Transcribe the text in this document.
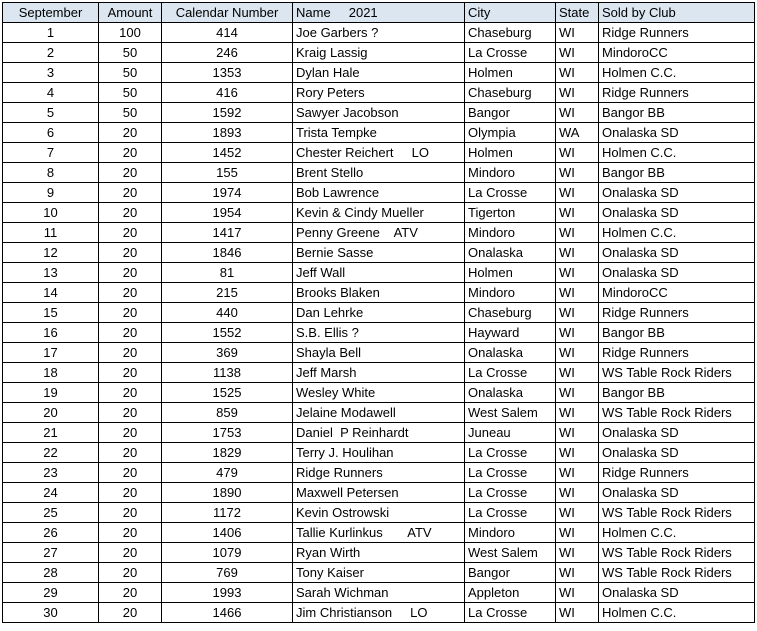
September	Amount	Calendar Number	Name     2021	City	State	Sold by Club
1	100	414	Joe Garbers ?	Chaseburg	WI	Ridge Runners
2	50	246	Kraig Lassig	La Crosse	WI	MindoroCC
3	50	1353	Dylan Hale	Holmen	WI	Holmen C.C.
4	50	416	Rory Peters	Chaseburg	WI	Ridge Runners
5	50	1592	Sawyer Jacobson	Bangor	WI	Bangor BB
6	20	1893	Trista Tempke	Olympia	WA	Onalaska SD
7	20	1452	Chester Reichert     LO	Holmen	WI	Holmen C.C.
8	20	155	Brent Stello	Mindoro	WI	Bangor BB
9	20	1974	Bob Lawrence	La Crosse	WI	Onalaska SD
10	20	1954	Kevin & Cindy Mueller	Tigerton	WI	Onalaska SD
11	20	1417	Penny Greene    ATV	Mindoro	WI	Holmen C.C.
12	20	1846	Bernie Sasse	Onalaska	WI	Onalaska SD
13	20	81	Jeff Wall	Holmen	WI	Onalaska SD
14	20	215	Brooks Blaken	Mindoro	WI	MindoroCC
15	20	440	Dan Lehrke	Chaseburg	WI	Ridge Runners
16	20	1552	S.B. Ellis ?	Hayward	WI	Bangor BB
17	20	369	Shayla Bell	Onalaska	WI	Ridge Runners
18	20	1138	Jeff Marsh	La Crosse	WI	WS Table Rock Riders
19	20	1525	Wesley White	Onalaska	WI	Bangor BB
20	20	859	Jelaine Modawell	West Salem	WI	WS Table Rock Riders
21	20	1753	Daniel  P Reinhardt	Juneau	WI	Onalaska SD
22	20	1829	Terry J. Houlihan	La Crosse	WI	Onalaska SD
23	20	479	Ridge Runners	La Crosse	WI	Ridge Runners
24	20	1890	Maxwell Petersen	La Crosse	WI	Onalaska SD
25	20	1172	Kevin Ostrowski	La Crosse	WI	WS Table Rock Riders
26	20	1406	Tallie Kurlinkus       ATV	Mindoro	WI	Holmen C.C.
27	20	1079	Ryan Wirth	West Salem	WI	WS Table Rock Riders
28	20	769	Tony Kaiser	Bangor	WI	WS Table Rock Riders
29	20	1993	Sarah Wichman	Appleton	WI	Onalaska SD
30	20	1466	Jim Christianson     LO	La Crosse	WI	Holmen C.C.
